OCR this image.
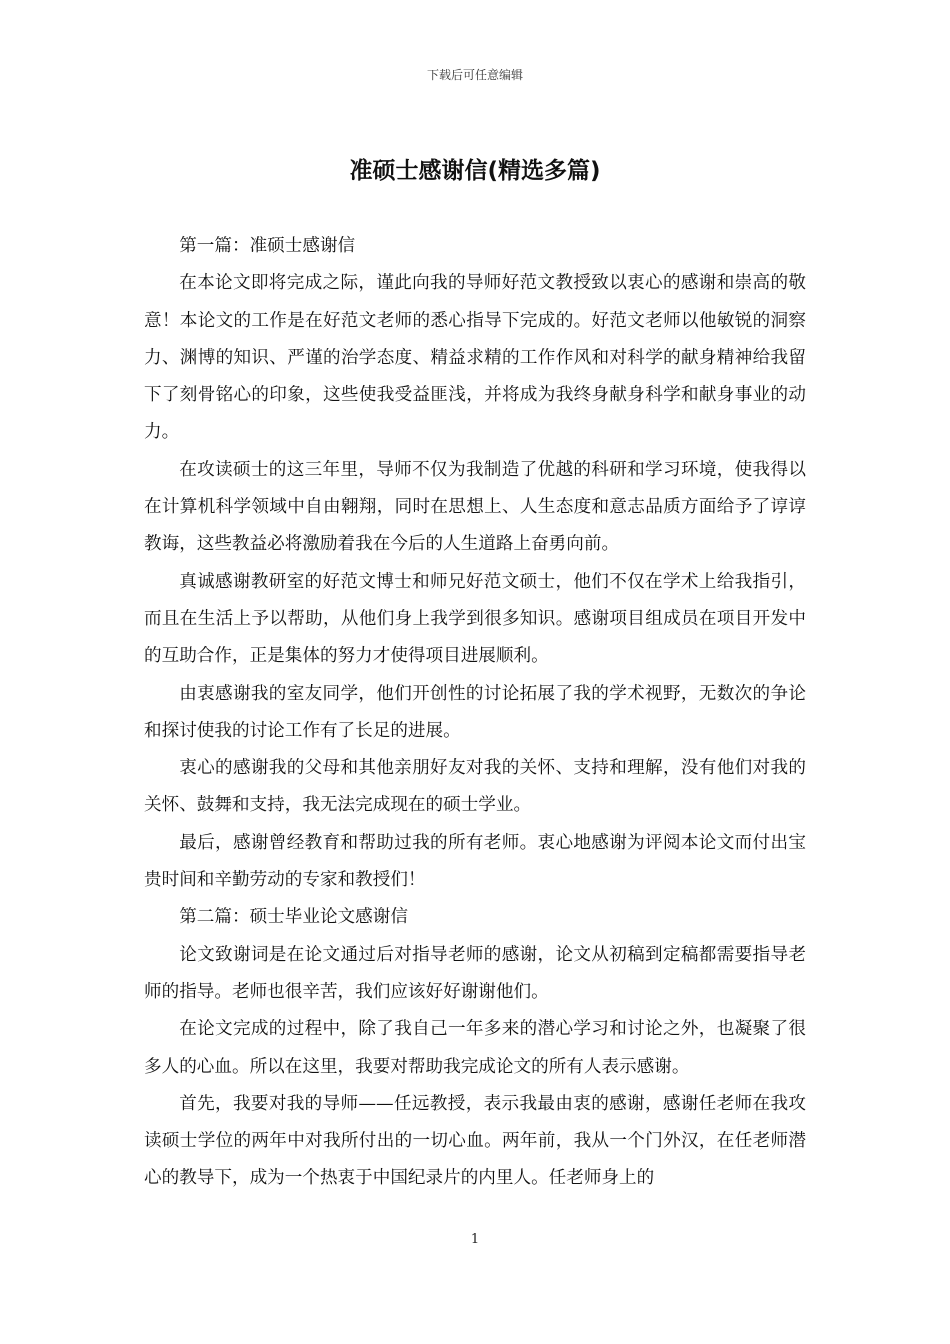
下载后可任意编辑
准硕士感谢信(精选多篇)

第一篇：准硕士感谢信

在本论文即将完成之际，谨此向我的导师好范文教授致以衷心的感谢和崇高的敬意！本论文的工作是在好范文老师的悉心指导下完成的。好范文老师以他敏锐的洞察力、渊博的知识、严谨的治学态度、精益求精的工作作风和对科学的献身精神给我留下了刻骨铭心的印象，这些使我受益匪浅，并将成为我终身献身科学和献身事业的动力。

在攻读硕士的这三年里，导师不仅为我制造了优越的科研和学习环境，使我得以在计算机科学领域中自由翱翔，同时在思想上、人生态度和意志品质方面给予了谆谆教诲，这些教益必将激励着我在今后的人生道路上奋勇向前。

真诚感谢教研室的好范文博士和师兄好范文硕士，他们不仅在学术上给我指引，而且在生活上予以帮助，从他们身上我学到很多知识。感谢项目组成员在项目开发中的互助合作，正是集体的努力才使得项目进展顺利。

由衷感谢我的室友同学，他们开创性的讨论拓展了我的学术视野，无数次的争论和探讨使我的讨论工作有了长足的进展。

衷心的感谢我的父母和其他亲朋好友对我的关怀、支持和理解，没有他们对我的关怀、鼓舞和支持，我无法完成现在的硕士学业。

最后，感谢曾经教育和帮助过我的所有老师。衷心地感谢为评阅本论文而付出宝贵时间和辛勤劳动的专家和教授们！

第二篇：硕士毕业论文感谢信

论文致谢词是在论文通过后对指导老师的感谢，论文从初稿到定稿都需要指导老师的指导。老师也很辛苦，我们应该好好谢谢他们。

在论文完成的过程中，除了我自己一年多来的潜心学习和讨论之外，也凝聚了很多人的心血。所以在这里，我要对帮助我完成论文的所有人表示感谢。

首先，我要对我的导师——任远教授，表示我最由衷的感谢，感谢任老师在我攻读硕士学位的两年中对我所付出的一切心血。两年前，我从一个门外汉，在任老师潜心的教导下，成为一个热衷于中国纪录片的内里人。任老师身上的

1
